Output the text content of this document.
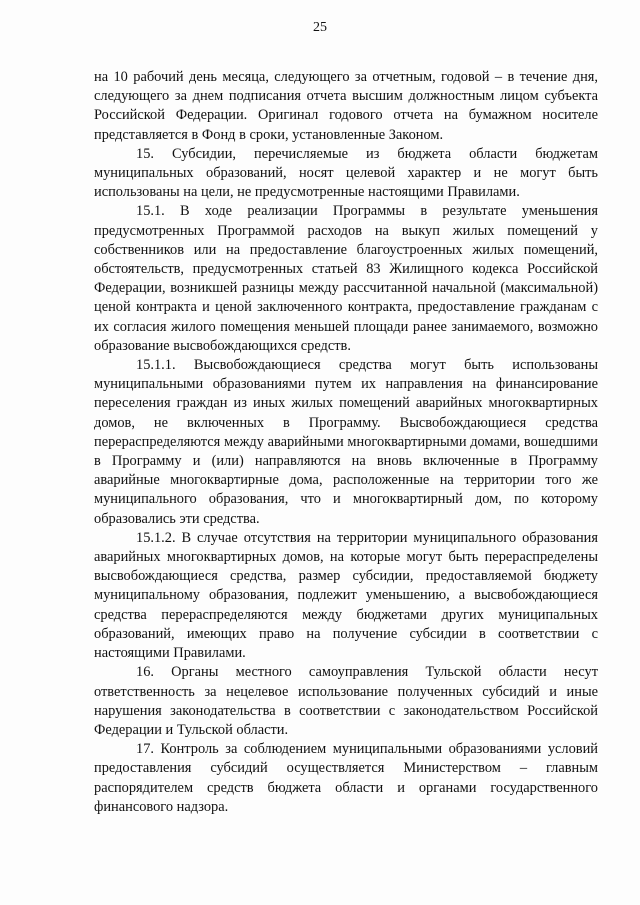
25

на 10 рабочий день месяца, следующего за отчетным, годовой – в течение дня, следующего за днем подписания отчета высшим должностным лицом субъекта Российской Федерации. Оригинал годового отчета на бумажном носителе представляется в Фонд в сроки, установленные Законом.

15. Субсидии, перечисляемые из бюджета области бюджетам муниципальных образований, носят целевой характер и не могут быть использованы на цели, не предусмотренные настоящими Правилами.

15.1. В ходе реализации Программы в результате уменьшения предусмотренных Программой расходов на выкуп жилых помещений у собственников или на предоставление благоустроенных жилых помещений, обстоятельств, предусмотренных статьей 83 Жилищного кодекса Российской Федерации, возникшей разницы между рассчитанной начальной (максимальной) ценой контракта и ценой заключенного контракта, предоставление гражданам с их согласия жилого помещения меньшей площади ранее занимаемого, возможно образование высвобождающихся средств.

15.1.1. Высвобождающиеся средства могут быть использованы муниципальными образованиями путем их направления на финансирование переселения граждан из иных жилых помещений аварийных многоквартирных домов, не включенных в Программу. Высвобождающиеся средства перераспределяются между аварийными многоквартирными домами, вошедшими в Программу и (или) направляются на вновь включенные в Программу аварийные многоквартирные дома, расположенные на территории того же муниципального образования, что и многоквартирный дом, по которому образовались эти средства.

15.1.2. В случае отсутствия на территории муниципального образования аварийных многоквартирных домов, на которые могут быть перераспределены высвобождающиеся средства, размер субсидии, предоставляемой бюджету муниципальному образования, подлежит уменьшению, а высвобождающиеся средства перераспределяются между бюджетами других муниципальных образований, имеющих право на получение субсидии в соответствии с настоящими Правилами.

16. Органы местного самоуправления Тульской области несут ответственность за нецелевое использование полученных субсидий и иные нарушения законодательства в соответствии с законодательством Российской Федерации и Тульской области.

17. Контроль за соблюдением муниципальными образованиями условий предоставления субсидий осуществляется Министерством – главным распорядителем средств бюджета области и органами государственного финансового надзора.
